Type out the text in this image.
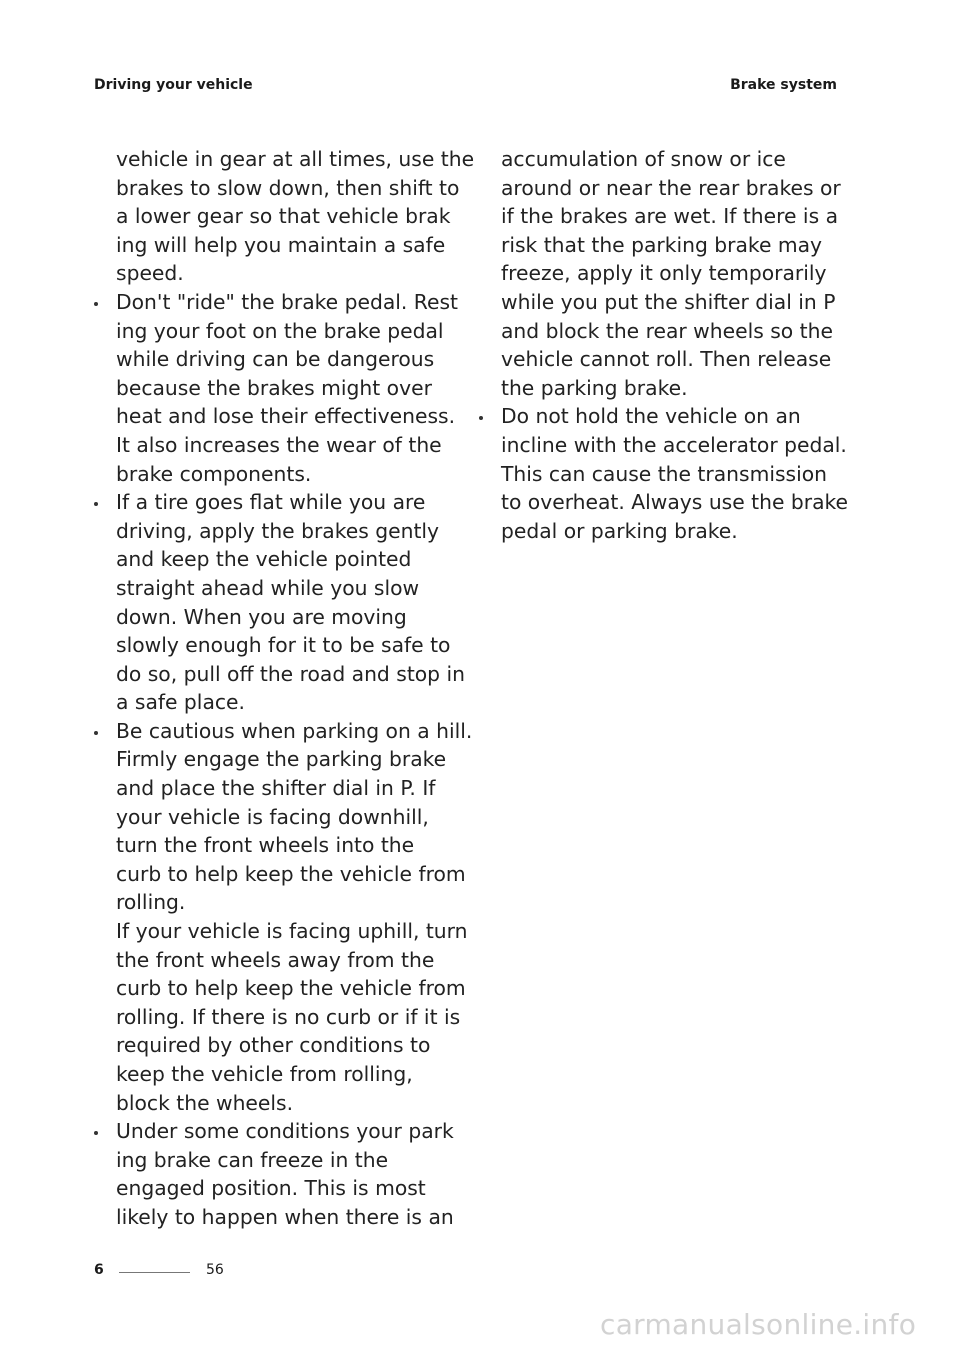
Driving your vehicle	Brake system
vehicle in gear at all times, use the
brakes to slow down, then shift to
a lower gear so that vehicle brak
ing will help you maintain a safe
speed.
Don't "ride" the brake pedal. Rest
ing your foot on the brake pedal
while driving can be dangerous
because the brakes might over
heat and lose their effectiveness.
It also increases the wear of the
brake components.
If a tire goes flat while you are
driving, apply the brakes gently
and keep the vehicle pointed
straight ahead while you slow
down. When you are moving
slowly enough for it to be safe to
do so, pull off the road and stop in
a safe place.
Be cautious when parking on a hill.
Firmly engage the parking brake
and place the shifter dial in P. If
your vehicle is facing downhill,
turn the front wheels into the
curb to help keep the vehicle from
rolling.
If your vehicle is facing uphill, turn
the front wheels away from the
curb to help keep the vehicle from
rolling. If there is no curb or if it is
required by other conditions to
keep the vehicle from rolling,
block the wheels.
Under some conditions your park
ing brake can freeze in the
engaged position. This is most
likely to happen when there is an
accumulation of snow or ice
around or near the rear brakes or
if the brakes are wet. If there is a
risk that the parking brake may
freeze, apply it only temporarily
while you put the shifter dial in P
and block the rear wheels so the
vehicle cannot roll. Then release
the parking brake.
Do not hold the vehicle on an
incline with the accelerator pedal.
This can cause the transmission
to overheat. Always use the brake
pedal or parking brake.
6	56
carmanualsonline.info
